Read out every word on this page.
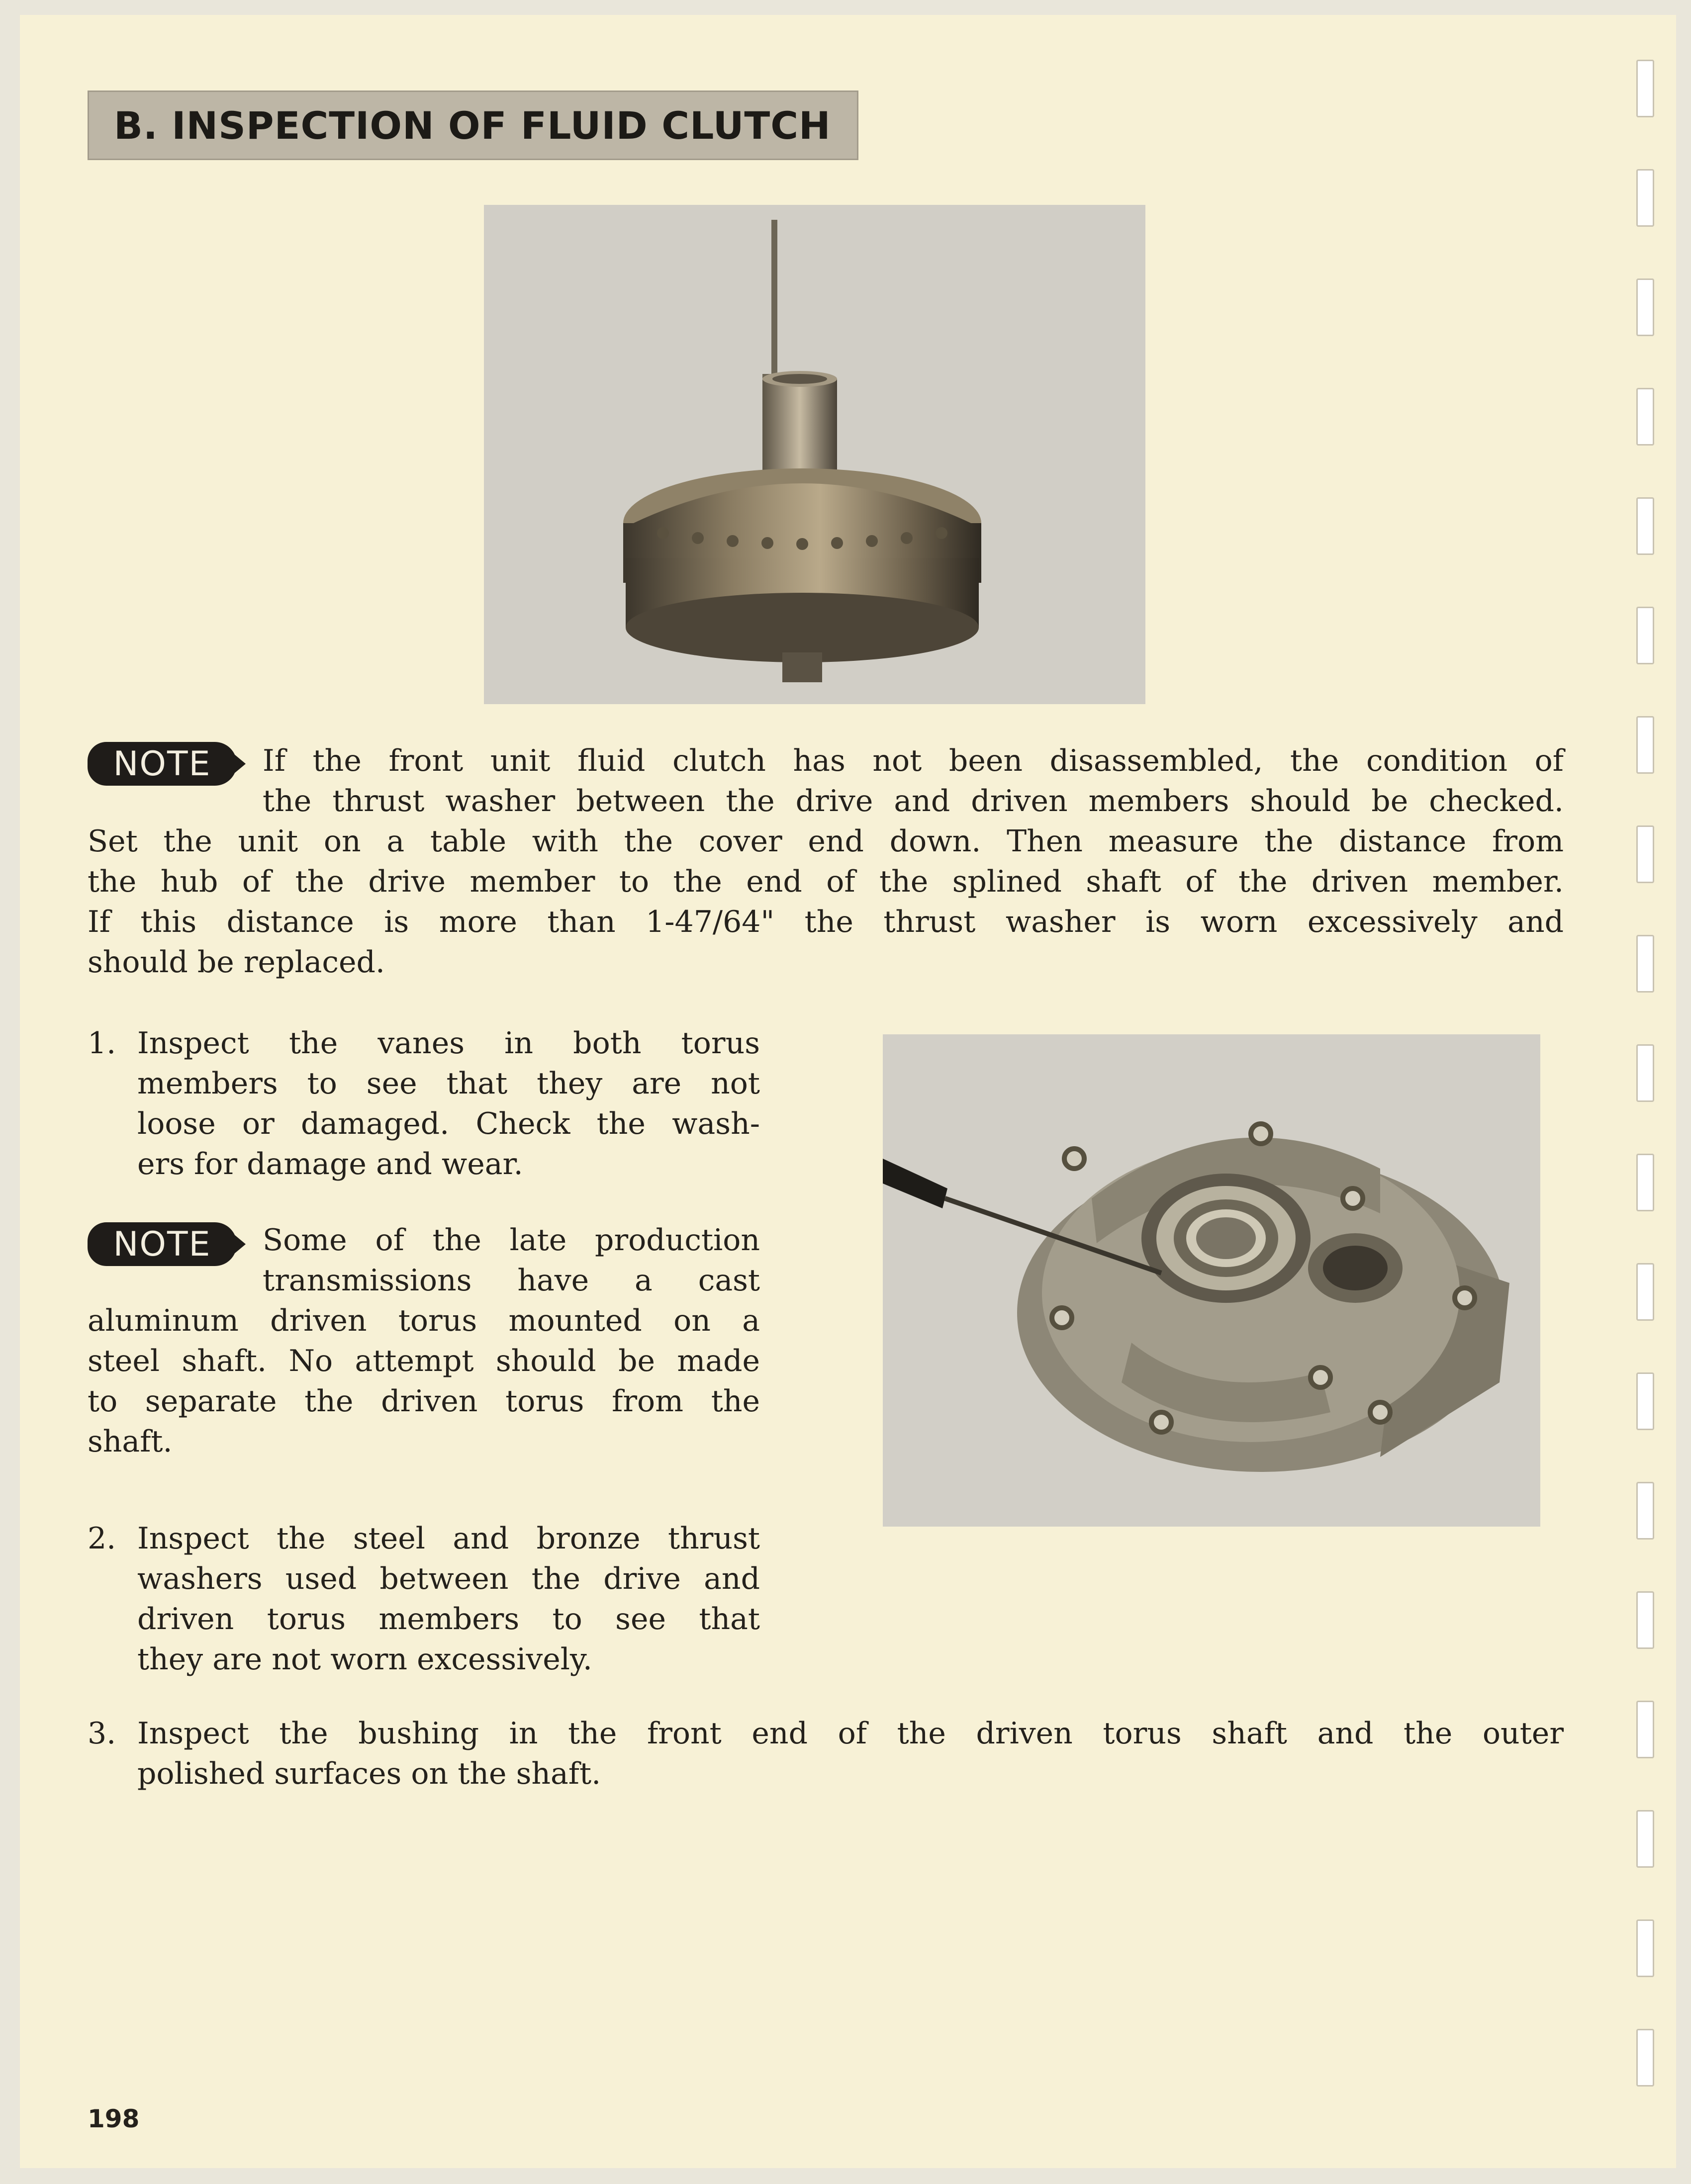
B. INSPECTION OF FLUID CLUTCH
NOTE	If the front unit fluid clutch has not been disassembled, the condition of
the thrust washer between the drive and driven members should be checked.
Set the unit on a table with the cover end down. Then measure the distance from
the hub of the drive member to the end of the splined shaft of the driven member.
If this distance is more than 1-47/64" the thrust washer is worn excessively and
should be replaced.
1. Inspect the vanes in both torus
members to see that they are not
loose or damaged. Check the wash-
ers for damage and wear.
NOTE	Some of the late production
transmissions have a cast
aluminum driven torus mounted on a
steel shaft. No attempt should be made
to separate the driven torus from the
shaft.
2. Inspect the steel and bronze thrust
washers used between the drive and
driven torus members to see that
they are not worn excessively.
3. Inspect the bushing in the front end of the driven torus shaft and the outer
polished surfaces on the shaft.
198
